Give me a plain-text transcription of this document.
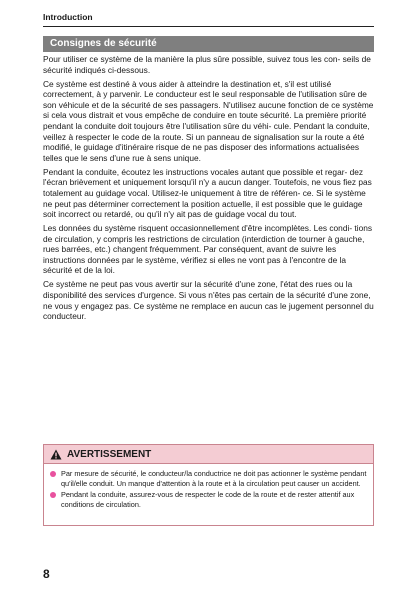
Introduction
Consignes de sécurité

Pour utiliser ce système de la manière la plus sûre possible, suivez tous les con- seils de sécurité indiqués ci-dessous.

Ce système est destiné à vous aider à atteindre la destination et, s'il est utilisé correctement, à y parvenir. Le conducteur est le seul responsable de l'utilisation sûre de son véhicule et de la sécurité de ses passagers. N'utilisez aucune fonction de ce système si cela vous distrait et vous empêche de conduire en toute sécurité. La première priorité pendant la conduite doit toujours être l'utilisation sûre du véhi- cule. Pendant la conduite, veillez à respecter le code de la route. Si un panneau de signalisation sur la route a été modifié, le guidage d'itinéraire risque de ne pas disposer des informations actualisées telles que le sens d'une rue à sens unique.

Pendant la conduite, écoutez les instructions vocales autant que possible et regar- dez l'écran brièvement et uniquement lorsqu'il n'y a aucun danger. Toutefois, ne vous fiez pas totalement au guidage vocal. Utilisez-le uniquement à titre de référen- ce. Si le système ne peut pas déterminer correctement la position actuelle, il est possible que le guidage soit incorrect ou retardé, ou qu'il n'y ait pas de guidage vocal du tout.

Les données du système risquent occasionnellement d'être incomplètes. Les condi- tions de circulation, y compris les restrictions de circulation (interdiction de tourner à gauche, rues barrées, etc.) changent fréquemment. Par conséquent, avant de suivre les instructions données par le système, vérifiez si elles ne vont pas à l'encontre de la sécurité et de la loi.

Ce système ne peut pas vous avertir sur la sécurité d'une zone, l'état des rues ou la disponibilité des services d'urgence. Si vous n'êtes pas certain de la sécurité d'une zone, ne vous y engagez pas. Ce système ne remplace en aucun cas le jugement personnel du conducteur.

AVERTISSEMENT
Par mesure de sécurité, le conducteur/la conductrice ne doit pas actionner le système pendant qu'il/elle conduit. Un manque d'attention à la route et à la circulation peut causer un accident.
Pendant la conduite, assurez-vous de respecter le code de la route et de rester attentif aux conditions de circulation.
8
